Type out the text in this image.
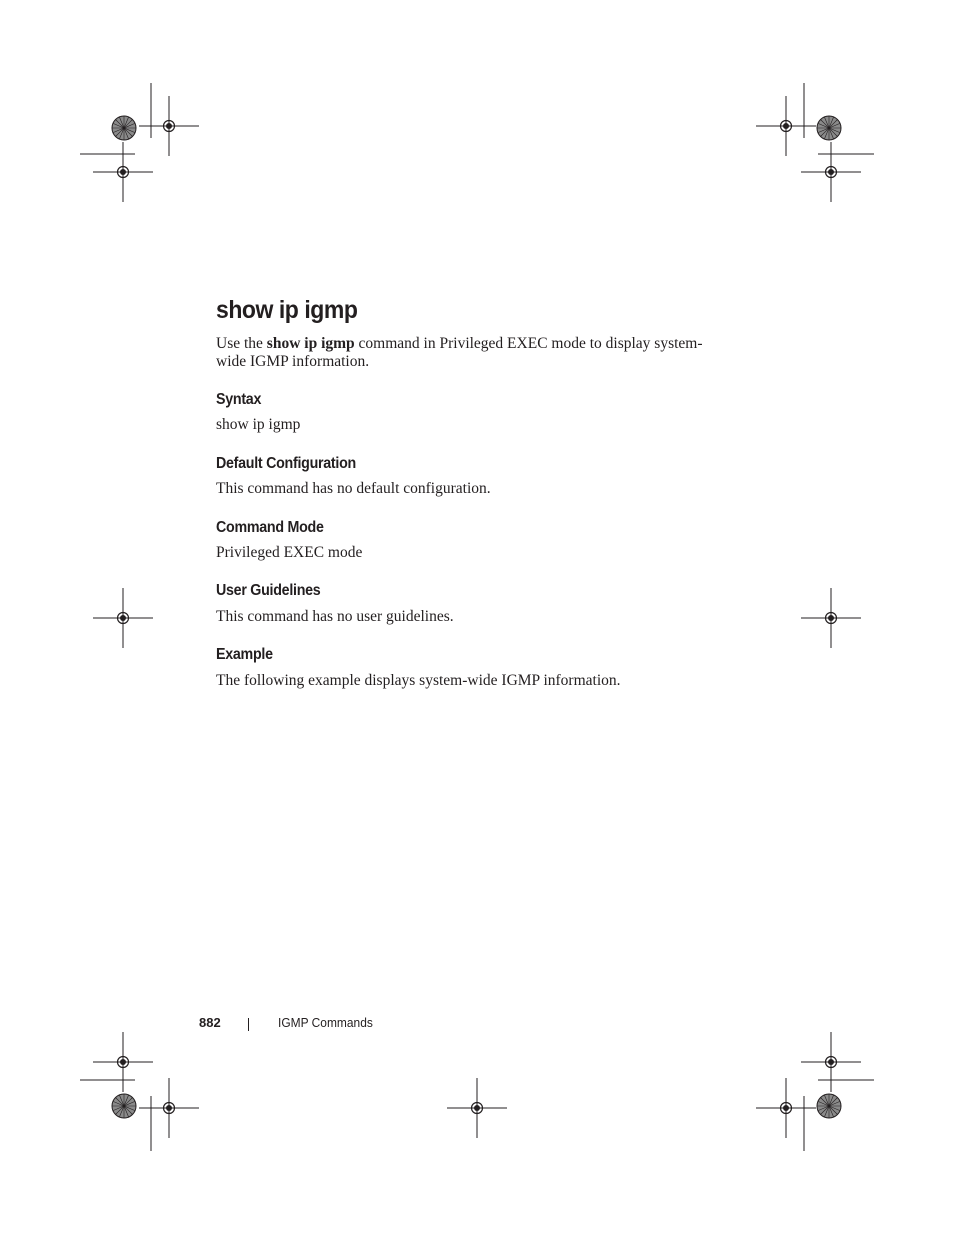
show ip igmp

Use the show ip igmp command in Privileged EXEC mode to display system-
wide IGMP information.

Syntax

show ip igmp

Default Configuration

This command has no default configuration.

Command Mode

Privileged EXEC mode

User Guidelines

This command has no user guidelines.

Example

The following example displays system-wide IGMP information.

882	IGMP Commands
